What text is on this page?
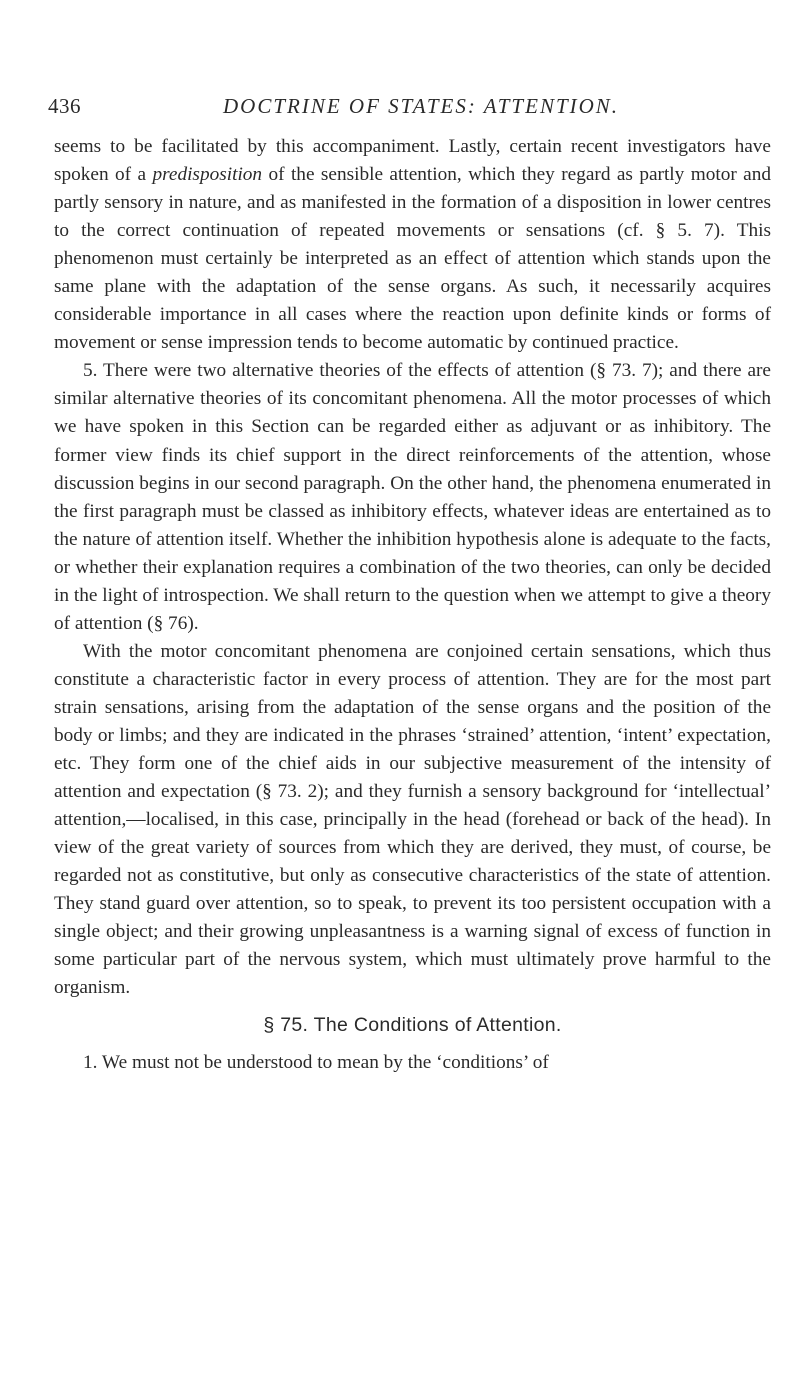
436	DOCTRINE OF STATES: ATTENTION.

seems to be facilitated by this accompaniment. Lastly, certain recent investigators have spoken of a predisposition of the sensible attention, which they regard as partly motor and partly sensory in nature, and as manifested in the formation of a disposition in lower centres to the correct continuation of repeated movements or sensations (cf. § 5. 7). This phenomenon must certainly be interpreted as an effect of attention which stands upon the same plane with the adaptation of the sense organs. As such, it necessarily acquires considerable importance in all cases where the reaction upon definite kinds or forms of movement or sense impression tends to become automatic by continued practice.

5. There were two alternative theories of the effects of attention (§ 73. 7); and there are similar alternative theories of its concomitant phenomena. All the motor processes of which we have spoken in this Section can be regarded either as adjuvant or as inhibitory. The former view finds its chief support in the direct reinforcements of the attention, whose discussion begins in our second paragraph. On the other hand, the phenomena enumerated in the first paragraph must be classed as inhibitory effects, whatever ideas are entertained as to the nature of attention itself. Whether the inhibition hypothesis alone is adequate to the facts, or whether their explanation requires a combination of the two theories, can only be decided in the light of introspection. We shall return to the question when we attempt to give a theory of attention (§ 76).

With the motor concomitant phenomena are conjoined certain sensations, which thus constitute a characteristic factor in every process of attention. They are for the most part strain sensations, arising from the adaptation of the sense organs and the position of the body or limbs; and they are indicated in the phrases ‘strained’ attention, ‘intent’ expectation, etc. They form one of the chief aids in our subjective measurement of the intensity of attention and expectation (§ 73. 2); and they furnish a sensory background for ‘intellectual’ attention,—localised, in this case, principally in the head (forehead or back of the head). In view of the great variety of sources from which they are derived, they must, of course, be regarded not as constitutive, but only as consecutive characteristics of the state of attention. They stand guard over attention, so to speak, to prevent its too persistent occupation with a single object; and their growing unpleasantness is a warning signal of excess of function in some particular part of the nervous system, which must ultimately prove harmful to the organism.

§ 75. The Conditions of Attention.

1. We must not be understood to mean by the ‘conditions’ of
